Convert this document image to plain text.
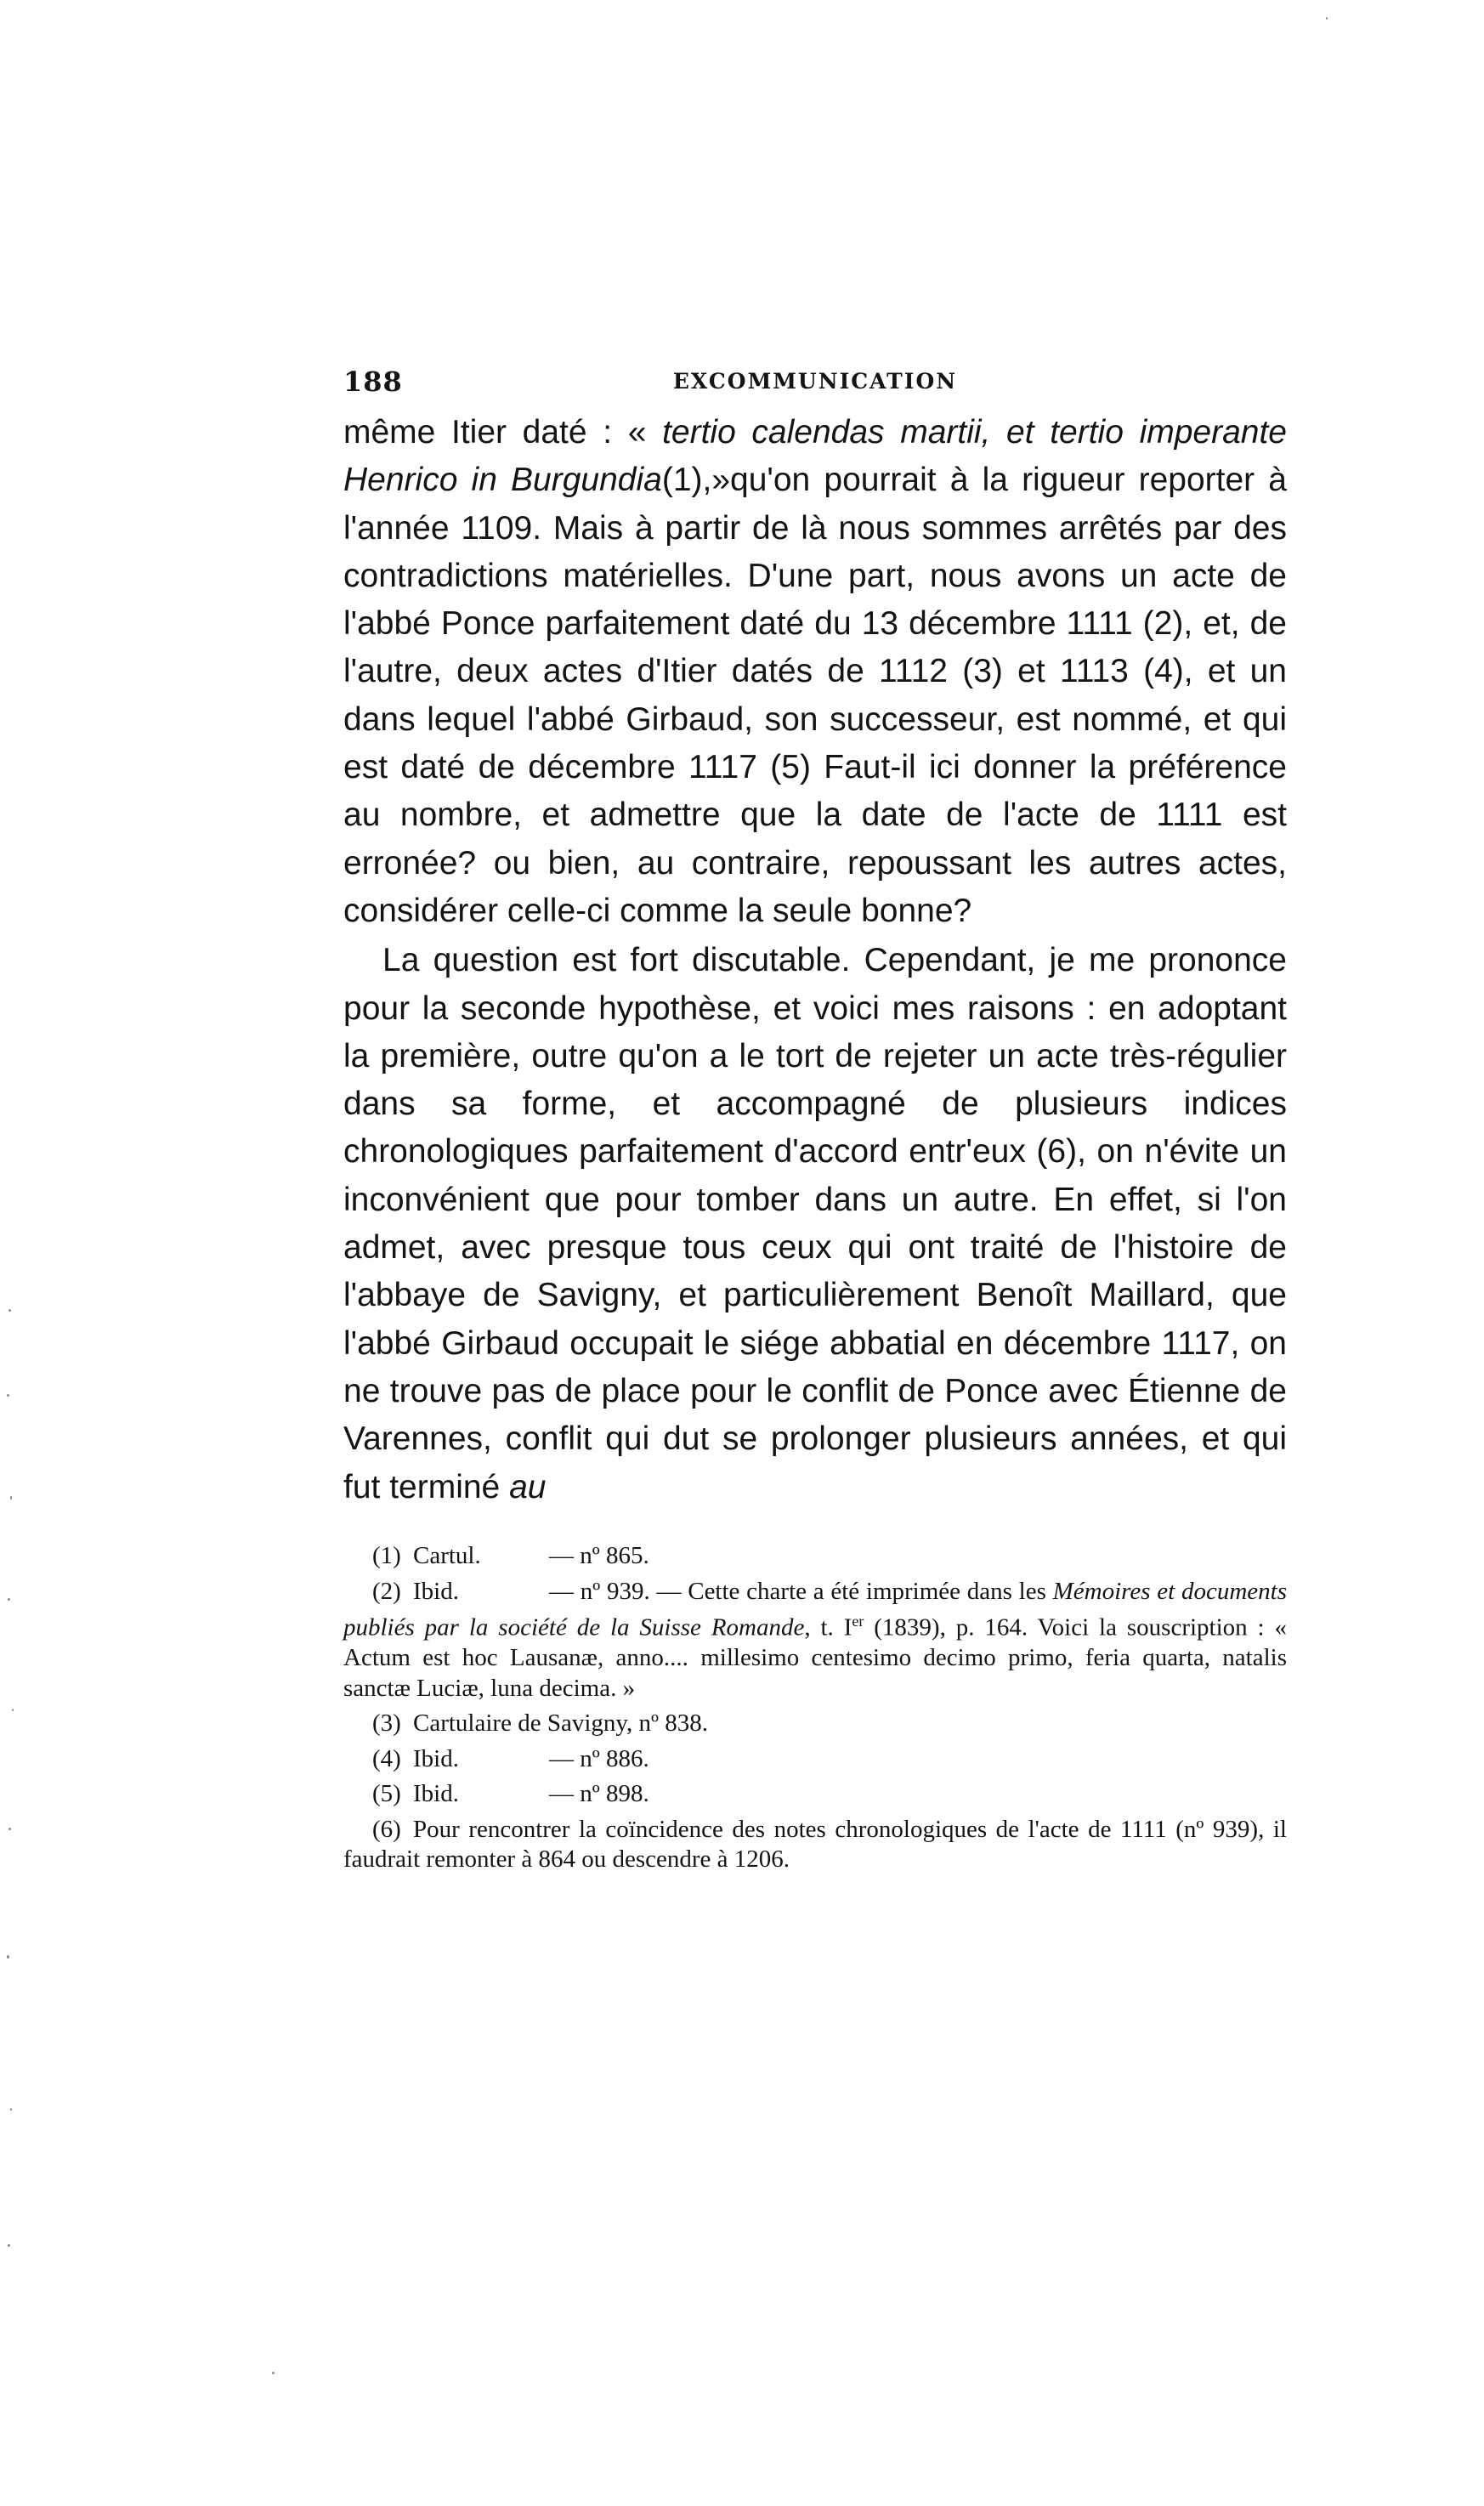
188	EXCOMMUNICATION

même Itier daté : « tertio calendas martii, et tertio imperante Henrico in Burgundia(1),»qu'on pourrait à la rigueur reporter à l'année 1109. Mais à partir de là nous sommes arrêtés par des contradictions matérielles. D'une part, nous avons un acte de l'abbé Ponce parfaitement daté du 13 décembre 1111 (2), et, de l'autre, deux actes d'Itier datés de 1112 (3) et 1113 (4), et un dans lequel l'abbé Girbaud, son successeur, est nommé, et qui est daté de décembre 1117 (5) Faut-il ici donner la préférence au nombre, et admettre que la date de l'acte de 1111 est erronée? ou bien, au contraire, repoussant les autres actes, considérer celle-ci comme la seule bonne?

La question est fort discutable. Cependant, je me prononce pour la seconde hypothèse, et voici mes raisons : en adoptant la première, outre qu'on a le tort de rejeter un acte très-régulier dans sa forme, et accompagné de plusieurs indices chronologiques parfaitement d'accord entr'eux (6), on n'évite un inconvénient que pour tomber dans un autre. En effet, si l'on admet, avec presque tous ceux qui ont traité de l'histoire de l'abbaye de Savigny, et particulièrement Benoît Maillard, que l'abbé Girbaud occupait le siége abbatial en décembre 1117, on ne trouve pas de place pour le conflit de Ponce avec Étienne de Varennes, conflit qui dut se prolonger plusieurs années, et qui fut terminé au

(1) Cartul.	— nº 865.

(2) Ibid.	— nº 939. — Cette charte a été imprimée dans les Mémoires et documents publiés par la société de la Suisse Romande, t. Ier (1839), p. 164. Voici la souscription : « Actum est hoc Lausanæ, anno.... millesimo centesimo decimo primo, feria quarta, natalis sanctæ Luciæ, luna decima. »

(3) Cartulaire de Savigny, nº 838.

(4) Ibid.	— nº 886.

(5) Ibid.	— nº 898.

(6) Pour rencontrer la coïncidence des notes chronologiques de l'acte de 1111 (nº 939), il faudrait remonter à 864 ou descendre à 1206.
